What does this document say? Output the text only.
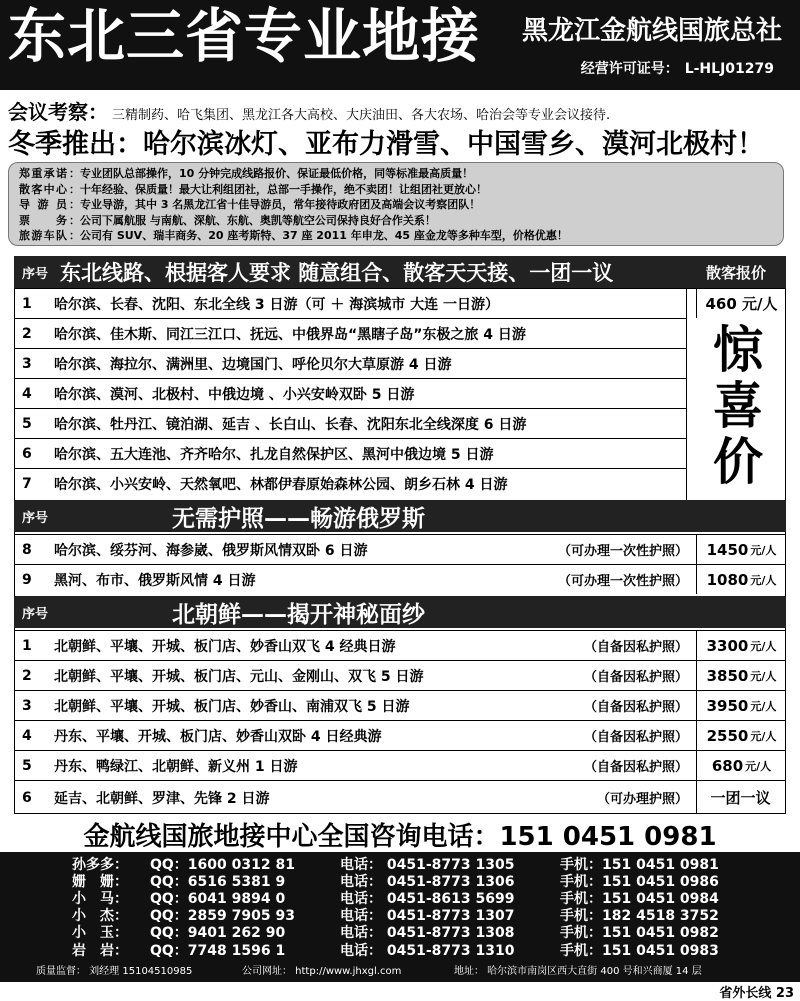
东北三省专业地接 黑龙江金航线国旅总社
经营许可证号： L-HLJ01279
会议考察： 三精制药、哈飞集团、黑龙江各大高校、大庆油田、各大农场、哈治会等专业会议接待.
冬季推出：哈尔滨冰灯、亚布力滑雪、中国雪乡、漠河北极村！
郑重承诺 ：专业团队总部操作，10 分钟完成线路报价、保证最低价格，同等标准最高质量！
散客中心 ：十年经验、保质量！最大让利组团社，总部一手操作，绝不卖团！让组团社更放心！
导游员 ：专业导游，其中 3 名黑龙江省十佳导游员，常年接待政府团及高端会议考察团队！
票务 ：公司下属航服 与南航、深航、东航、奥凯等航空公司保持良好合作关系！
旅游车队 ：公司有 SUV、瑞丰商务、20 座考斯特、37 座 2011 年申龙、45 座金龙等多种车型，价格优惠！
序号 东北线路、根据客人要求 随意组合、散客天天接、一团一议	散客报价
1	哈尔滨、长春、沈阳、东北全线 3 日游（可 ＋ 海滨城市 大连 一日游）	460 元/人
2	哈尔滨、佳木斯、同江三江口、抚远、中俄界岛“黑瞎子岛”东极之旅 4 日游
3	哈尔滨、海拉尔、满洲里、边境国门、呼伦贝尔大草原游 4 日游
4	哈尔滨、漠河、北极村、中俄边境 、小兴安岭双卧 5 日游
5	哈尔滨、牡丹江、镜泊湖、延吉 、长白山、长春、沈阳东北全线深度 6 日游
6	哈尔滨、五大连池、齐齐哈尔、扎龙自然保护区、黑河中俄边境 5 日游
7	哈尔滨、小兴安岭、天然氧吧、林都伊春原始森林公园、朗乡石林 4 日游
惊
喜
价
序号	无需护照——畅游俄罗斯
8	哈尔滨、绥芬河、海参崴、俄罗斯风情双卧 6 日游	（可办理一次性护照） 1450 元/人
9	黑河、布市、俄罗斯风情 4 日游	（可办理一次性护照） 1080 元/人
序号	北朝鲜——揭开神秘面纱
1	北朝鲜、平壤、开城、板门店、妙香山双飞 4 经典日游	（自备因私护照） 3300 元/人
2	北朝鲜、平壤、开城、板门店、元山、金刚山、双飞 5 日游	（自备因私护照） 3850 元/人
3	北朝鲜、平壤、开城、板门店、妙香山、南浦双飞 5 日游	（自备因私护照） 3950 元/人
4	丹东、平壤、开城、板门店、妙香山双卧 4 日经典游	（自备因私护照） 2550 元/人
5	丹东、鸭绿江、北朝鲜、新义州 1 日游	（自备因私护照） 680 元/人
6	延吉、北朝鲜、罗津、先锋 2 日游	（可办理护照） 一团一议
金航线国旅地接中心全国咨询电话：151 0451 0981
孙多多： QQ：1600 0312 81	电话： 0451-8773 1305	手机：151 0451 0981
姗　姗： QQ：6516 5381 9	电话： 0451-8773 1306	手机：151 0451 0986
小　马： QQ：6041 9894 0	电话： 0451-8613 5699	手机：151 0451 0984
小　杰： QQ：2859 7905 93	电话： 0451-8773 1307	手机：182 4518 3752
小　玉： QQ：9401 262 90	电话： 0451-8773 1308	手机：151 0451 0982
岩　岩： QQ：7748 1596 1	电话： 0451-8773 1310	手机：151 0451 0983
质量监督： 刘经理 15104510985	公司网址： http://www.jhxgl.com	地址： 哈尔滨市南岗区西大直街 400 号和兴商厦 14 层
省外长线 23
